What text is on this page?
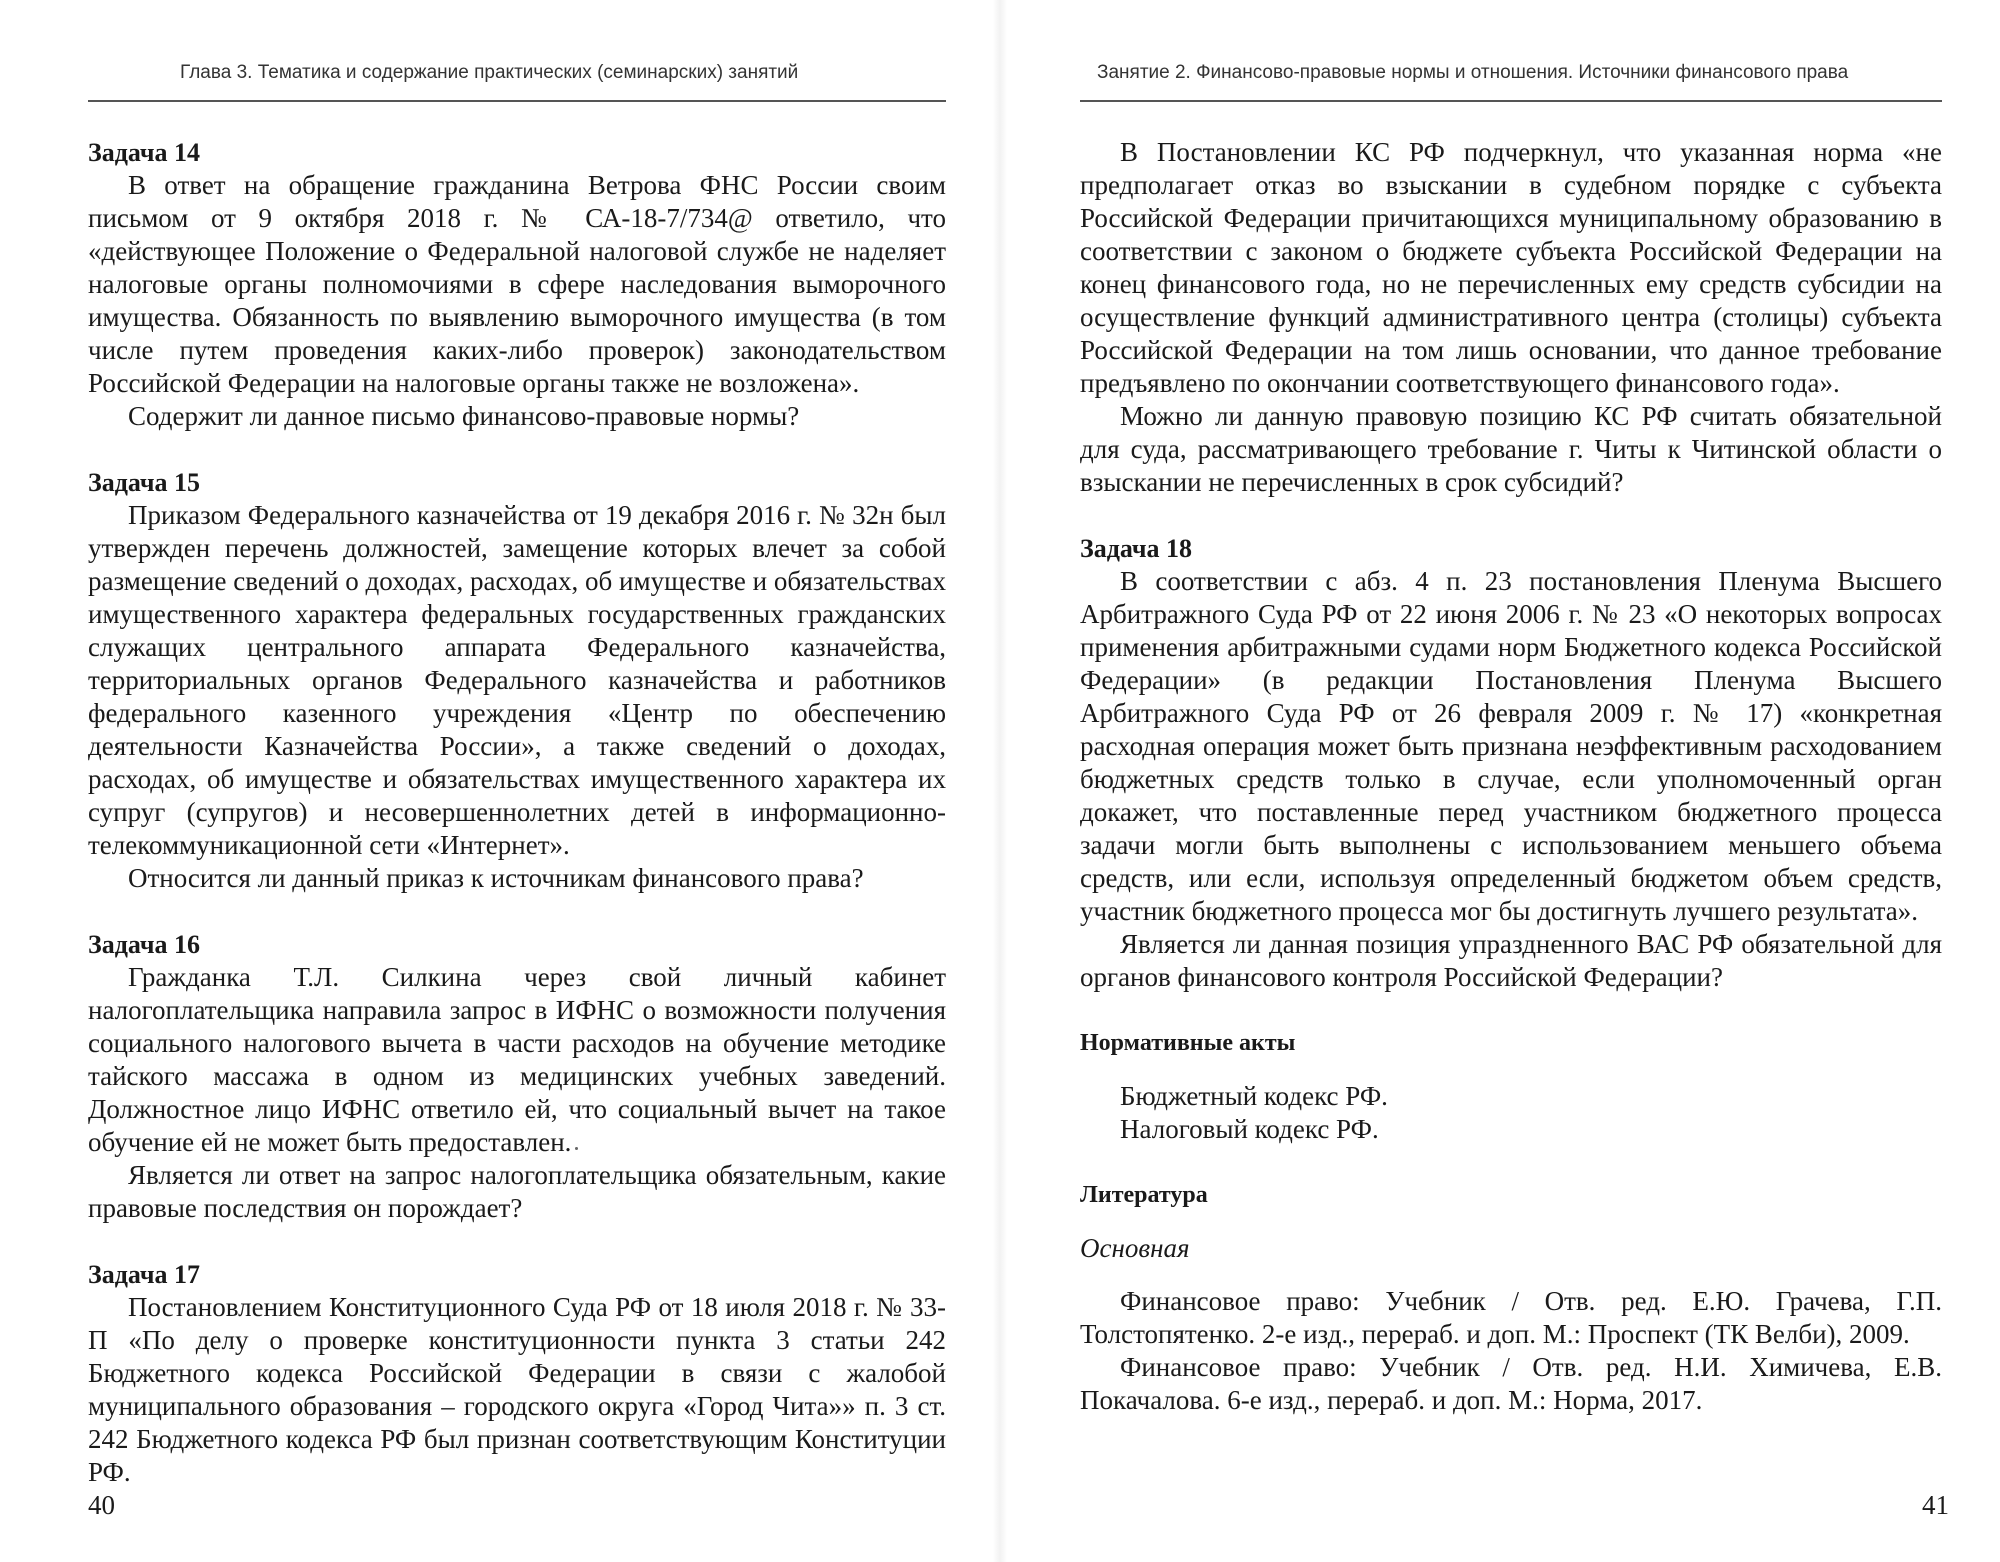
Глава 3. Тематика и содержание практических (семинарских) занятий
Задача 14

В ответ на обращение гражданина Ветрова ФНС России своим письмом от 9 октября 2018 г. № СА-18-7/734@ ответило, что «действующее Положение о Федеральной налоговой службе не наделяет налоговые органы полномочиями в сфере наследования выморочного имущества. Обязанность по выявлению выморочного имущества (в том числе путем проведения каких-либо проверок) законодательством Российской Федерации на налоговые органы также не возложена».

Содержит ли данное письмо финансово-правовые нормы?

Задача 15

Приказом Федерального казначейства от 19 декабря 2016 г. № 32н был утвержден перечень должностей, замещение которых влечет за собой размещение сведений о доходах, расходах, об имуществе и обязательствах имущественного характера федеральных государственных гражданских служащих центрального аппарата Федерального казначейства, территориальных органов Федерального казначейства и работников федерального казенного учреждения «Центр по обеспечению деятельности Казначейства России», а также сведений о доходах, расходах, об имуществе и обязательствах имущественного характера их супруг (супругов) и несовершеннолетних детей в информационно-телекоммуникационной сети «Интернет».

Относится ли данный приказ к источникам финансового права?

Задача 16

Гражданка Т.Л. Силкина через свой личный кабинет налогоплательщика направила запрос в ИФНС о возможности получения социального налогового вычета в части расходов на обучение методике тайского массажа в одном из медицинских учебных заведений. Должностное лицо ИФНС ответило ей, что социальный вычет на такое обучение ей не может быть предоставлен.

Является ли ответ на запрос налогоплательщика обязательным, какие правовые последствия он порождает?

Задача 17

Постановлением Конституционного Суда РФ от 18 июля 2018 г. № 33-П «По делу о проверке конституционности пункта 3 статьи 242 Бюджетного кодекса Российской Федерации в связи с жалобой муниципального образования – городского округа «Город Чита»» п. 3 ст. 242 Бюджетного кодекса РФ был признан соответствующим Конституции РФ.

40
Занятие 2. Финансово-правовые нормы и отношения. Источники финансового права

В Постановлении КС РФ подчеркнул, что указанная норма «не предполагает отказ во взыскании в судебном порядке с субъекта Российской Федерации причитающихся муниципальному образованию в соответствии с законом о бюджете субъекта Российской Федерации на конец финансового года, но не перечисленных ему средств субсидии на осуществление функций административного центра (столицы) субъекта Российской Федерации на том лишь основании, что данное требование предъявлено по окончании соответствующего финансового года».

Можно ли данную правовую позицию КС РФ считать обязательной для суда, рассматривающего требование г. Читы к Читинской области о взыскании не перечисленных в срок субсидий?

Задача 18

В соответствии с абз. 4 п. 23 постановления Пленума Высшего Арбитражного Суда РФ от 22 июня 2006 г. № 23 «О некоторых вопросах применения арбитражными судами норм Бюджетного кодекса Российской Федерации» (в редакции Постановления Пленума Высшего Арбитражного Суда РФ от 26 февраля 2009 г. № 17) «конкретная расходная операция может быть признана неэффективным расходованием бюджетных средств только в случае, если уполномоченный орган докажет, что поставленные перед участником бюджетного процесса задачи могли быть выполнены с использованием меньшего объема средств, или если, используя определенный бюджетом объем средств, участник бюджетного процесса мог бы достигнуть лучшего результата».

Является ли данная позиция упраздненного ВАС РФ обязательной для органов финансового контроля Российской Федерации?

Нормативные акты
Бюджетный кодекс РФ.
Налоговый кодекс РФ.
Литература
Основная

Финансовое право: Учебник / Отв. ред. Е.Ю. Грачева, Г.П. Толстопятенко. 2-е изд., перераб. и доп. М.: Проспект (ТК Велби), 2009.

Финансовое право: Учебник / Отв. ред. Н.И. Химичева, Е.В. Покачалова. 6-е изд., перераб. и доп. М.: Норма, 2017.

41
